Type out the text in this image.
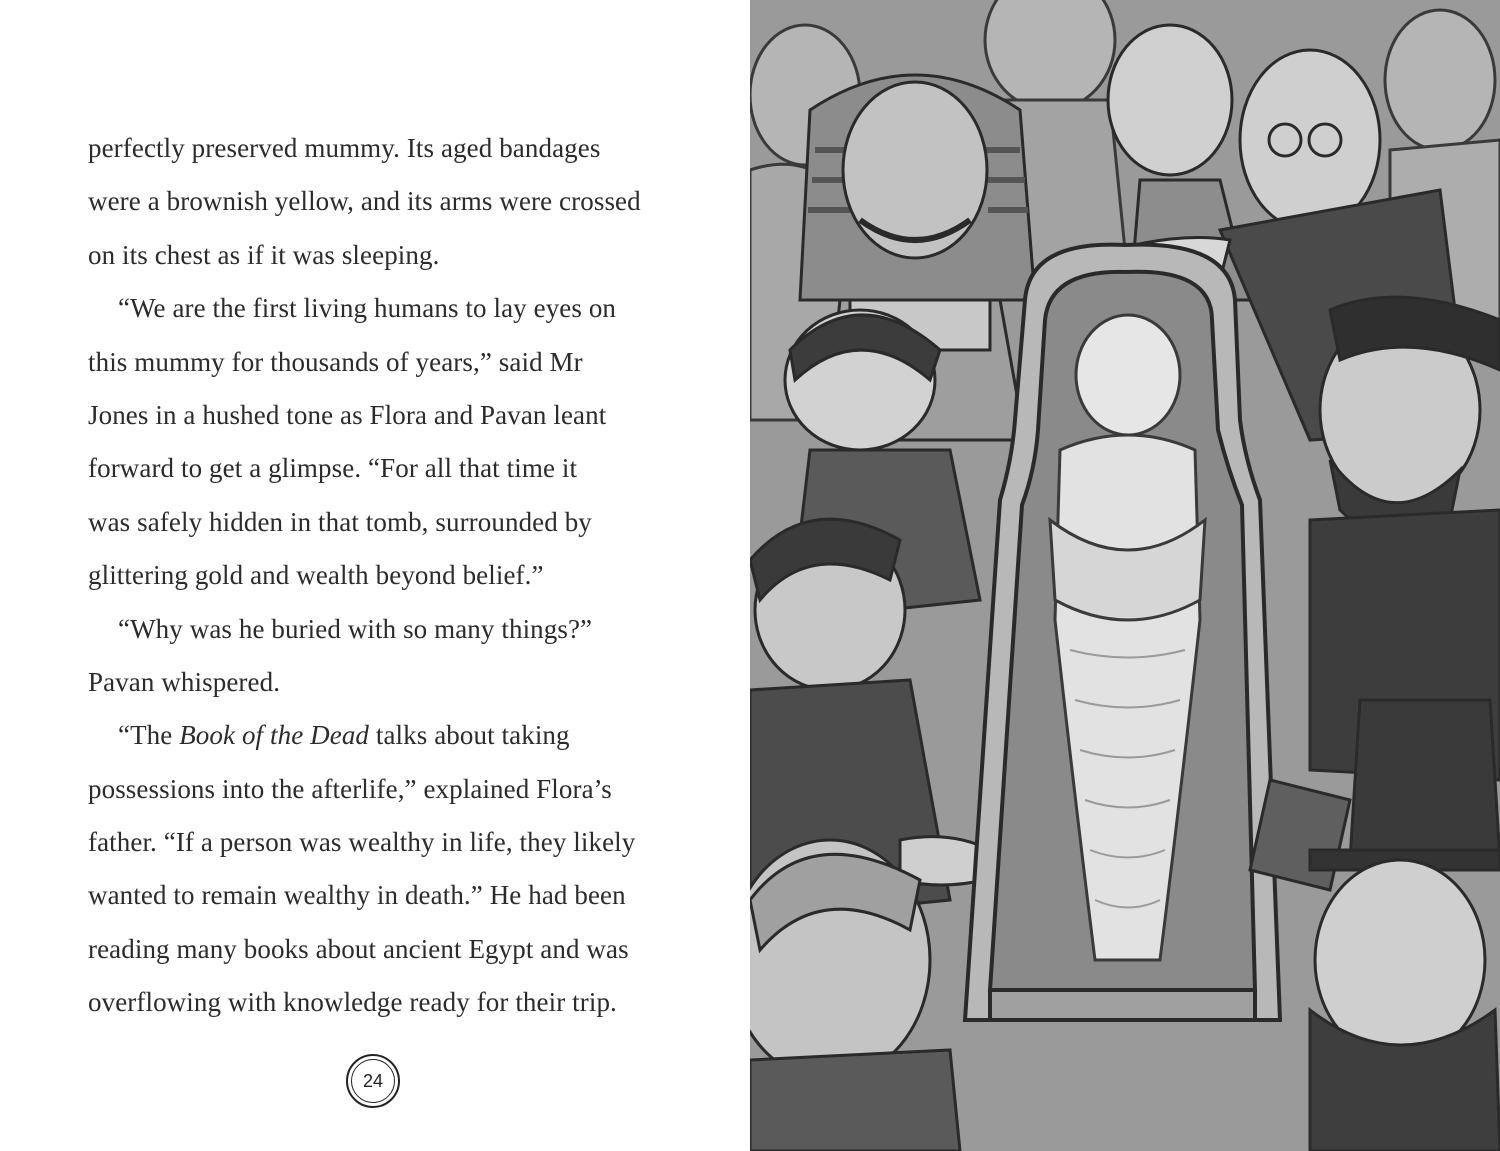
perfectly preserved mummy. Its aged bandages
were a brownish yellow, and its arms were crossed
on its chest as if it was sleeping.
“We are the first living humans to lay eyes on
this mummy for thousands of years,” said Mr
Jones in a hushed tone as Flora and Pavan leant
forward to get a glimpse. “For all that time it
was safely hidden in that tomb, surrounded by
glittering gold and wealth beyond belief.”
“Why was he buried with so many things?”
Pavan whispered.
“The Book of the Dead talks about taking
possessions into the afterlife,” explained Flora’s
father. “If a person was wealthy in life, they likely
wanted to remain wealthy in death.” He had been
reading many books about ancient Egypt and was
overflowing with knowledge ready for their trip.
24
